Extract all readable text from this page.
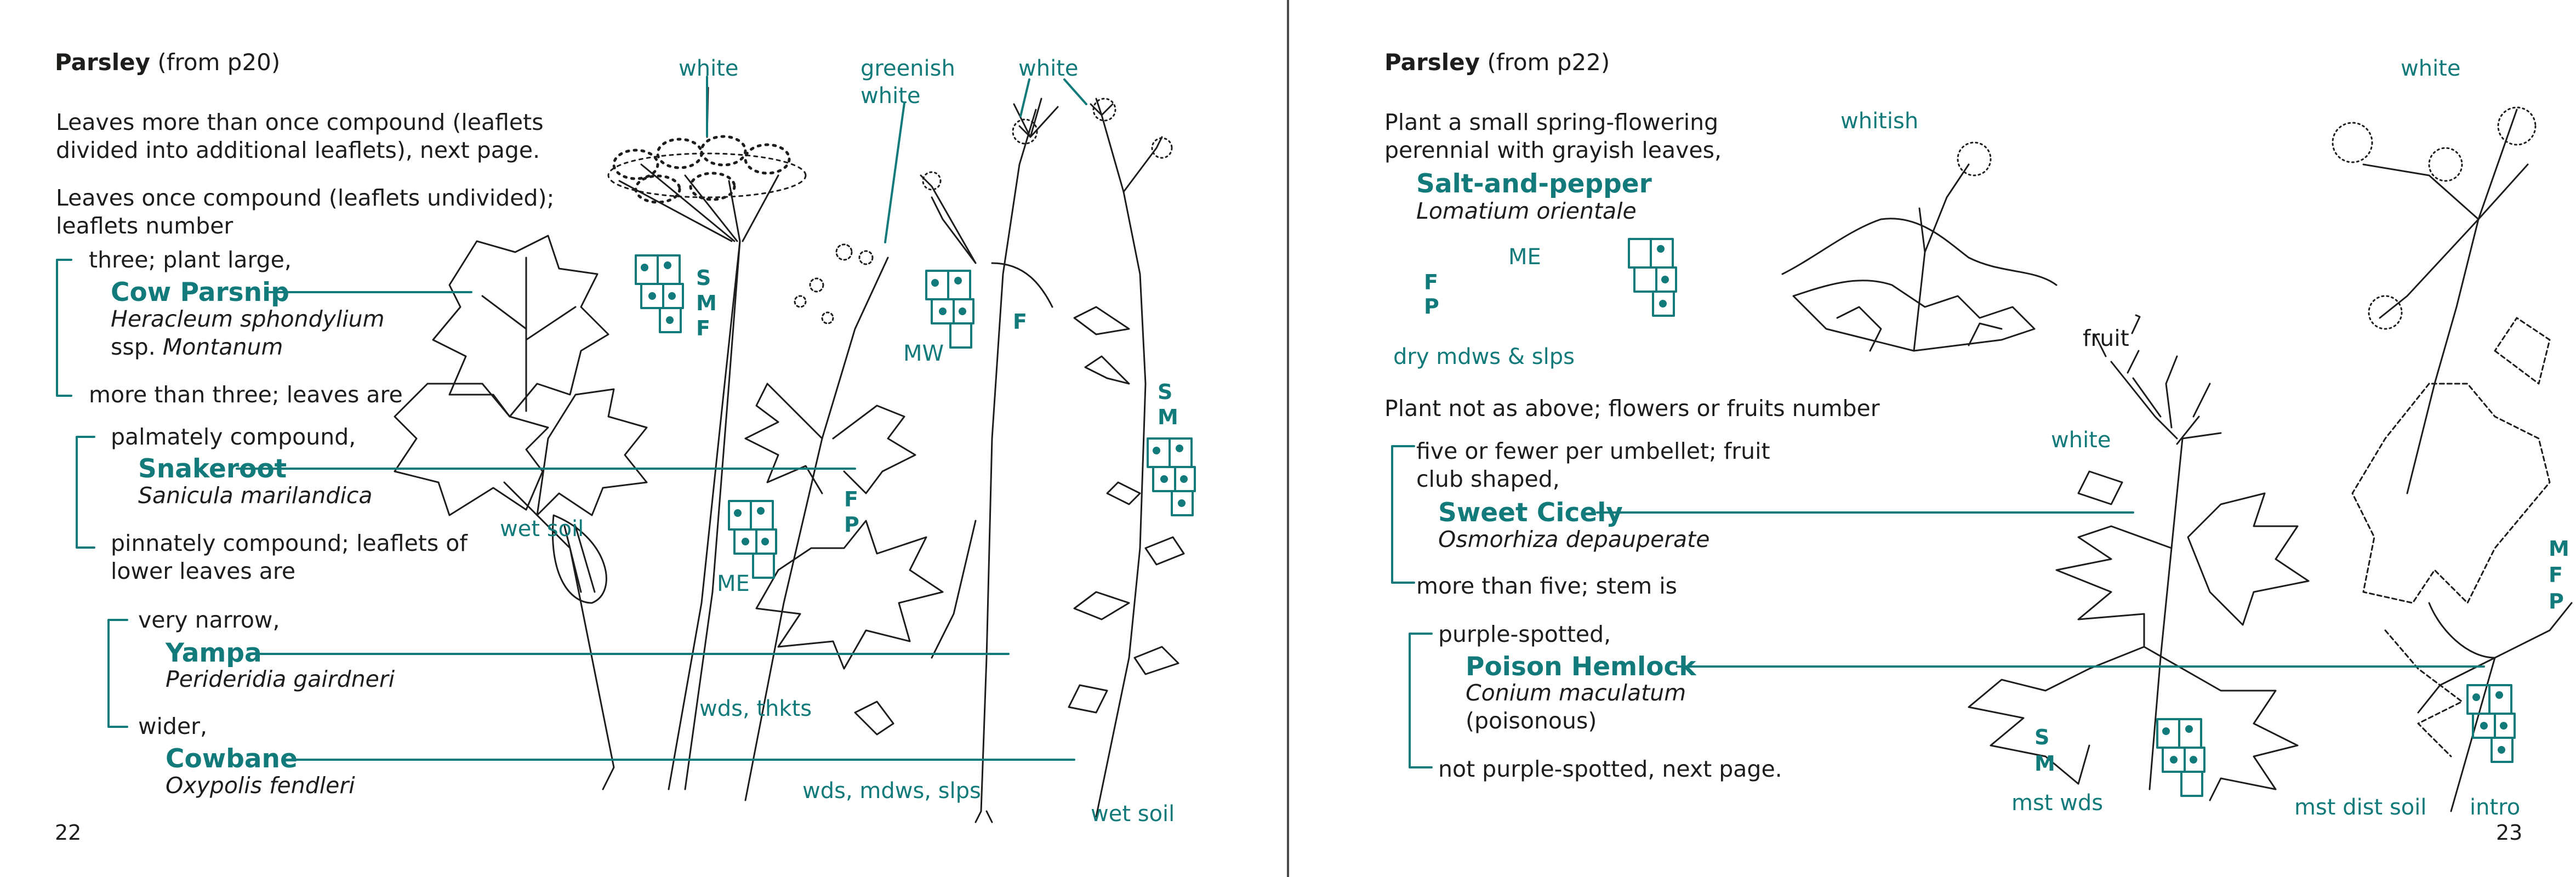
Parsley (from p20)
Leaves more than once compound (leaflets
divided into additional leaflets), next page.
Leaves once compound (leaflets undivided);
leaflets number
three; plant large,
Cow Parsnip
Heracleum sphondylium
ssp. Montanum
more than three; leaves are
palmately compound,
Snakeroot
Sanicula marilandica
pinnately compound; leaflets of
lower leaves are
very narrow,
Yampa
Perideridia gairdneri
wider,
Cowbane
Oxypolis fendleri
white	greenish
white
white
MW
ME
wet soil
wds, thkts
wds, mdws, slps
wet soil
S
M
F
F
P
F
S
M
22
Parsley (from p22)
Plant a small spring-flowering
perennial with grayish leaves,
Salt-and-pepper
Lomatium orientale
Plant not as above; flowers or fruits number
five or fewer per umbellet; fruit
club shaped,
Sweet Cicely
Osmorhiza depauperate
more than five; stem is
purple-spotted,
Poison Hemlock
Conium maculatum
(poisonous)
not purple-spotted, next page.
whitish
white
white
fruit
ME
dry mdws & slps
mst wds	mst dist soil intro
F
P
S
M
M
F
P
23
